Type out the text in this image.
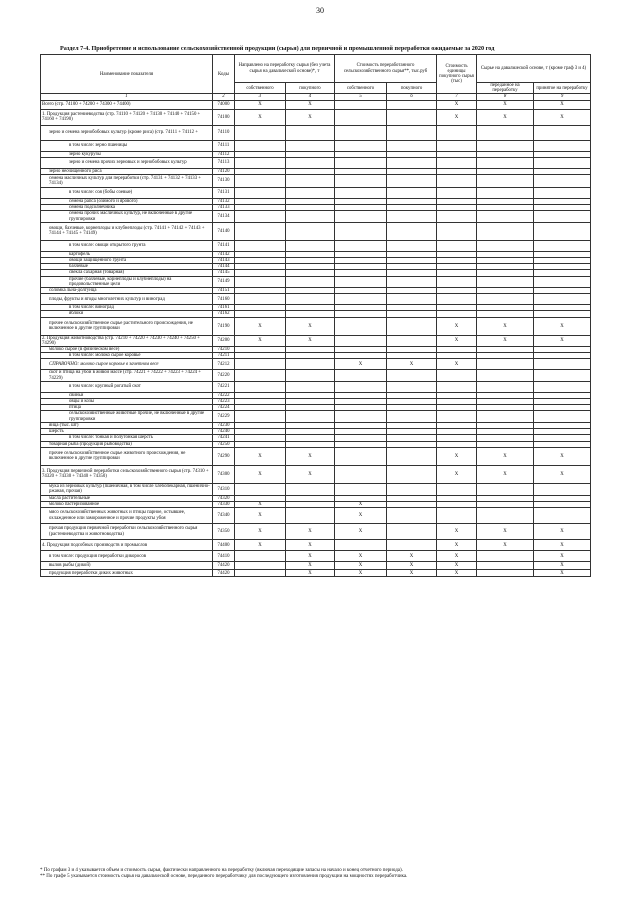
30
Раздел 7-4. Приобретение и использование сельскохозяйственной продукции (сырья) для первичной и промышленной переработки ожидаемые за 2020 год
Наименование показателя	Коды	Направлено на переработку сырья (без учета сырья на давальческой основе)*, т		Стоимость переработанного сельскохозяйственного сырья**, тыс.руб		Стоимость единицы покупного сырья (тыс)	Сырье на давальческой основе, т (кроме граф 3 и 4)	
		собственного	покупного	собственного	покупного		переданное на переработку	принятое на переработку
1	2	3	4	5	6	7	8	9
Всего (стр. 74100 + 74200 + 74300 + 74400)	74000	X	X			X	X	X
1. Продукция растениеводства (стр. 74110 + 74120 + 74130 + 74140 + 74150 + 74160 + 74190)	74100	X	X			X	X	X
зерно и семена зернобобовых культур (кроме риса) (стр. 74111 + 74112 +	74110							
в том числе: зерно пшеницы	74111							
зерно кукурузы	74112							
зерно и семена прочих зерновых и зернобобовых культур	74113							
зерно неочищенного риса	74120							
семена масличных культур для переработки (стр. 74131 + 74132 + 74133 + 74134)	74130							
в том числе: соя (бобы соевые)	74131							
семена рапса (озимого и ярового)	74132							
семена подсолнечника	74133							
семена прочих масличных культур, не включенные в другие группировки	74134							
овощи, бахчевые, корнеплоды и клубнеплоды (стр. 74141 + 74142 + 74143 + 74144 + 74145 + 74149)	74140							
в том числе: овощи открытого грунта	74141							
картофель	74142							
овощи защищенного грунта	74143							
бахчевые	74144							
свекла сахарная (товарная)	74145							
прочие (бахчевые, корнеплоды и клубнеплоды) на продовольственные цели	74149							
соломка льна-долгунца	74151							
плоды, фрукты и ягоды многолетних культур и виноград	74160							
в том числе: виноград	74161							
яблоки	74162							
прочее сельскохозяйственное сырье растительного происхождения, не включенное в другие группировки	74190	X	X			X	X	X
2. Продукция животноводства (стр. 74210 + 74220 + 74230 + 74240 + 74250 + 74290)	74200	X	X			X	X	X
молоко сырое (в физическом весе)	74210							
в том числе: молоко сырое коровье	74211							
СПРАВОЧНО: молоко сырое коровье в зачетном весе	74212			X	X	X		
скот и птица на убой в живой массе (стр. 74221 + 74222 + 74223 + 74224 + 74229)	74220							
в том числе: крупный рогатый скот	74221							
свиньи	74222							
овцы и козы	74223							
птица	74224							
сельскохозяйственные животные прочие, не включенные в другие группировки	74229							
яйца (тыс. шт)	74230							
шерсть	74240							
в том числе: тонкая и полутонкая шерсть	74241							
товарная рыба (продукция рыбоводства)	74250							
прочее сельскохозяйственное сырье животного происхождения, не включенное в другие группировки	74290	X	X			X	X	X
3. Продукция первичной переработки сельскохозяйственного сырья (стр. 74310 + 74320 + 74330 + 74340 + 74350)	74300	X	X			X	X	X
мука из зерновых культур (пшеничная, в том числе хлебопекарная, пшенично-ржаная, прочая)	74310							
масла растительные	74320							
молоко пастеризованное	74330	X		X				
мясо сельскохозяйственных животных и птицы парное, остывшее, охлажденное или замороженное и прочие продукты убоя	74340	X		X				
прочая продукция первичной переработки сельскохозяйственного сырья (растениеводства и животноводства)	74350	X	X	X		X	X	X
4. Продукция подсобных производств и промыслов	74400	X	X			X	X	X
в том числе: продукция переработки дикоросов	74410		X	X	X	X		X
вылов рыбы (дикой)	74420		X	X	X	X		X
продукция переработки диких животных	74420		X	X	X	X		X
* По графам 3 и 4 указывается объем и стоимость сырья, фактически направленного на переработку (включая переходящие запасы на начало и конец отчетного периода).
** По графе 5 указывается стоимость сырья на давальческой основе, переданного переработчику для последующего изготовления продукции на мощностях переработчика.
